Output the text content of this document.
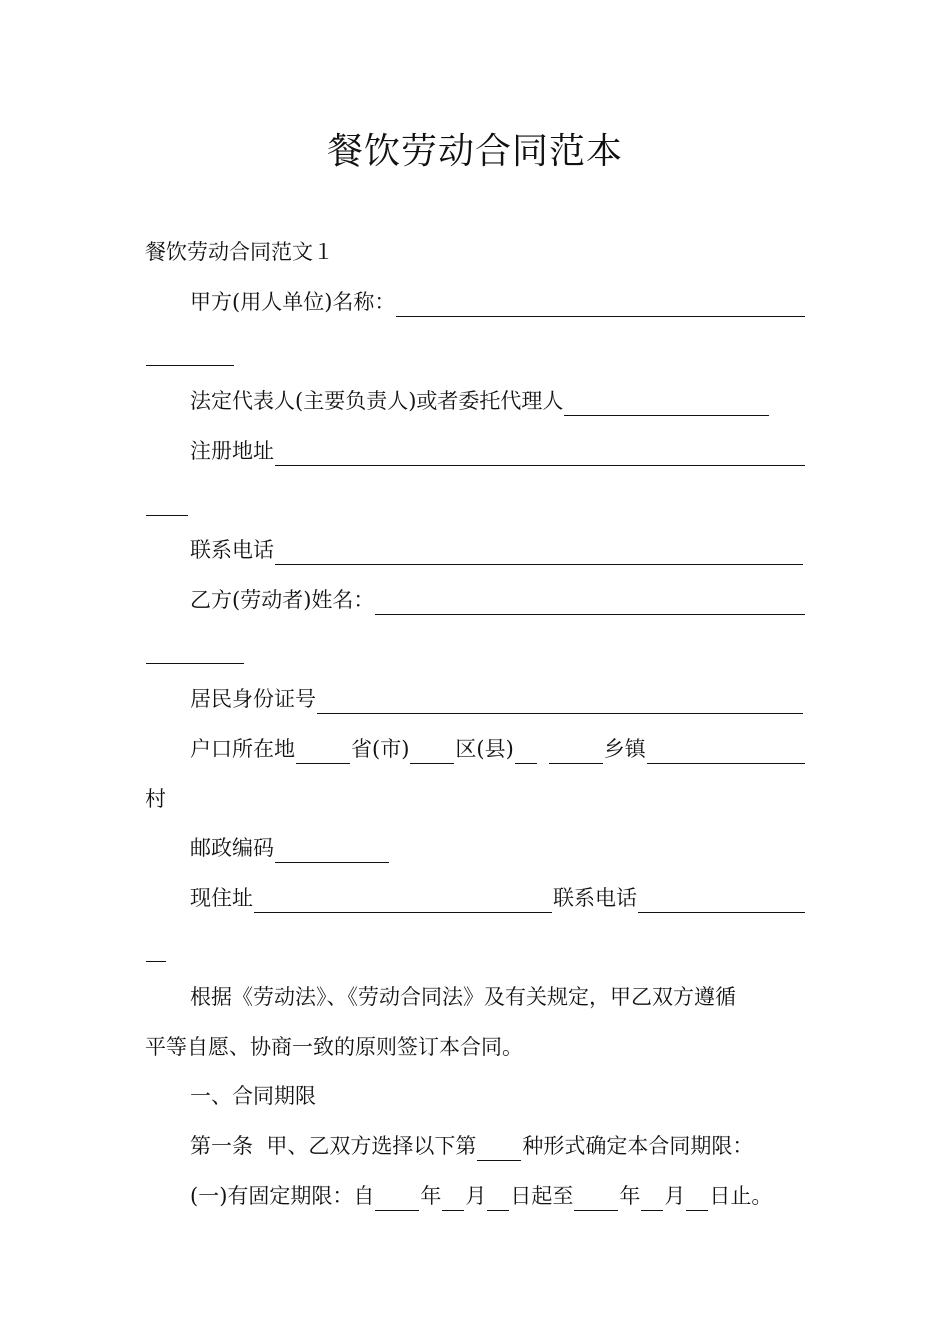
餐饮劳动合同范本
餐饮劳动合同范文１
甲方(用人单位)名称：
法定代表人(主要负责人)或者委托代理人
注册地址
联系电话
乙方(劳动者)姓名：
居民身份证号
户口所在地	省(市) 区(县)	乡镇
村
邮政编码
现住址	联系电话
根据《劳动法》、《劳动合同法》及有关规定，甲乙双方遵循
平等自愿、协商一致的原则签订本合同。
一、合同期限
第一条  甲、乙双方选择以下第 种形式确定本合同期限：
(一)有固定期限：自 年 月 日起至 年 月 日止。
